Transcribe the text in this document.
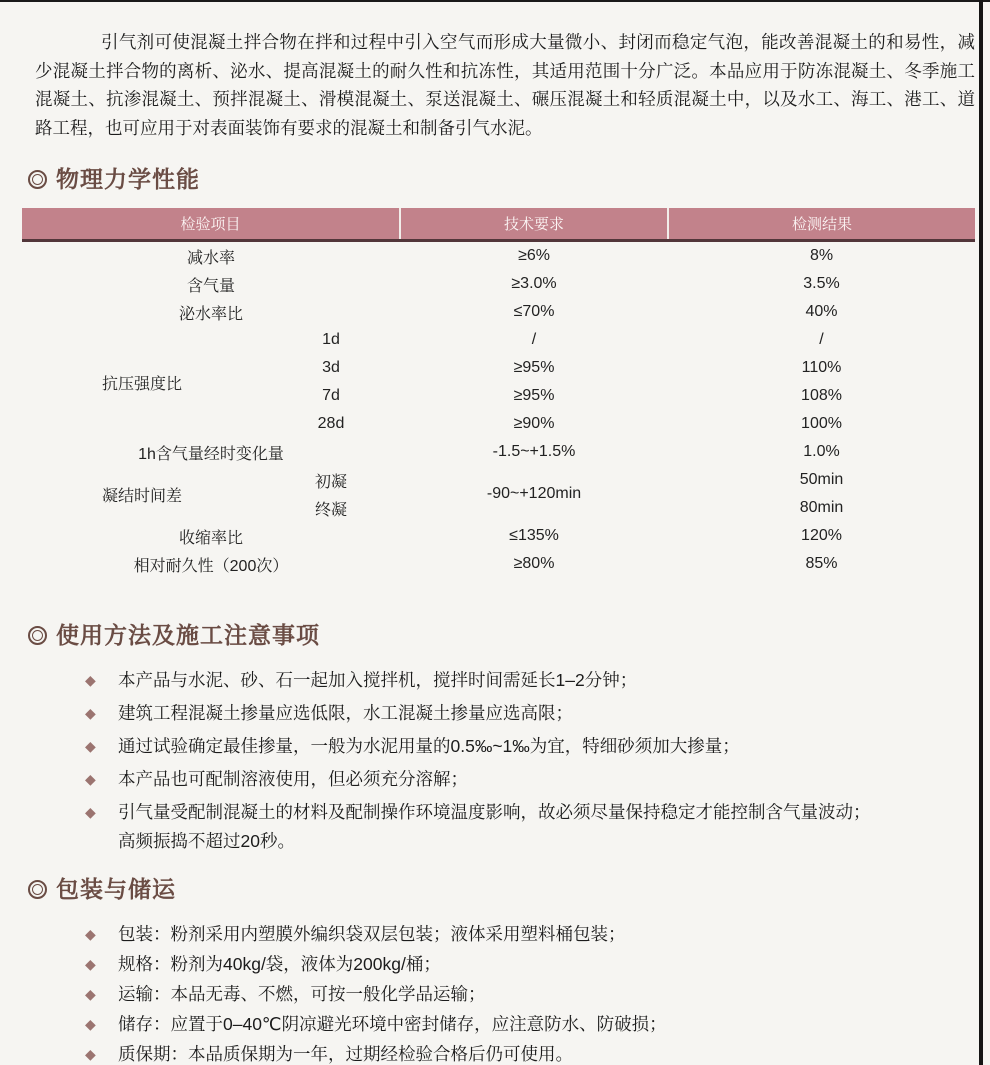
引气剂可使混凝土拌合物在拌和过程中引入空气而形成大量微小、封闭而稳定气泡，能改善混凝土的和易性，减少混凝土拌合物的离析、泌水、提高混凝土的耐久性和抗冻性，其适用范围十分广泛。本品应用于防冻混凝土、冬季施工混凝土、抗渗混凝土、预拌混凝土、滑模混凝土、泵送混凝土、碾压混凝土和轻质混凝土中，以及水工、海工、港工、道路工程，也可应用于对表面装饰有要求的混凝土和制备引气水泥。

物理力学性能
检验项目		技术要求	检测结果
减水率		≥6%	8%
含气量		≥3.0%	3.5%
泌水率比		≤70%	40%
抗压强度比	1d	/	/
	3d	≥95%	110%
	7d	≥95%	108%
	28d	≥90%	100%
1h含气量经时变化量		-1.5~+1.5%	1.0%
凝结时间差	初凝	-90~+120min	50min
	终凝		80min
收缩率比		≤135%	120%
相对耐久性（200次）		≥80%	85%
使用方法及施工注意事项
◆ 本产品与水泥、砂、石一起加入搅拌机，搅拌时间需延长1–2分钟；
◆ 建筑工程混凝土掺量应选低限，水工混凝土掺量应选高限；
◆ 通过试验确定最佳掺量，一般为水泥用量的0.5‰~1‰为宜，特细砂须加大掺量；
◆ 本产品也可配制溶液使用，但必须充分溶解；
◆ 引气量受配制混凝土的材料及配制操作环境温度影响，故必须尽量保持稳定才能控制含气量波动；
高频振捣不超过20秒。
包装与储运
◆ 包装：粉剂采用内塑膜外编织袋双层包装；液体采用塑料桶包装；
◆ 规格：粉剂为40kg/袋，液体为200kg/桶；
◆ 运输：本品无毒、不燃，可按一般化学品运输；
◆ 储存：应置于0–40℃阴凉避光环境中密封储存，应注意防水、防破损；
◆ 质保期：本品质保期为一年，过期经检验合格后仍可使用。
